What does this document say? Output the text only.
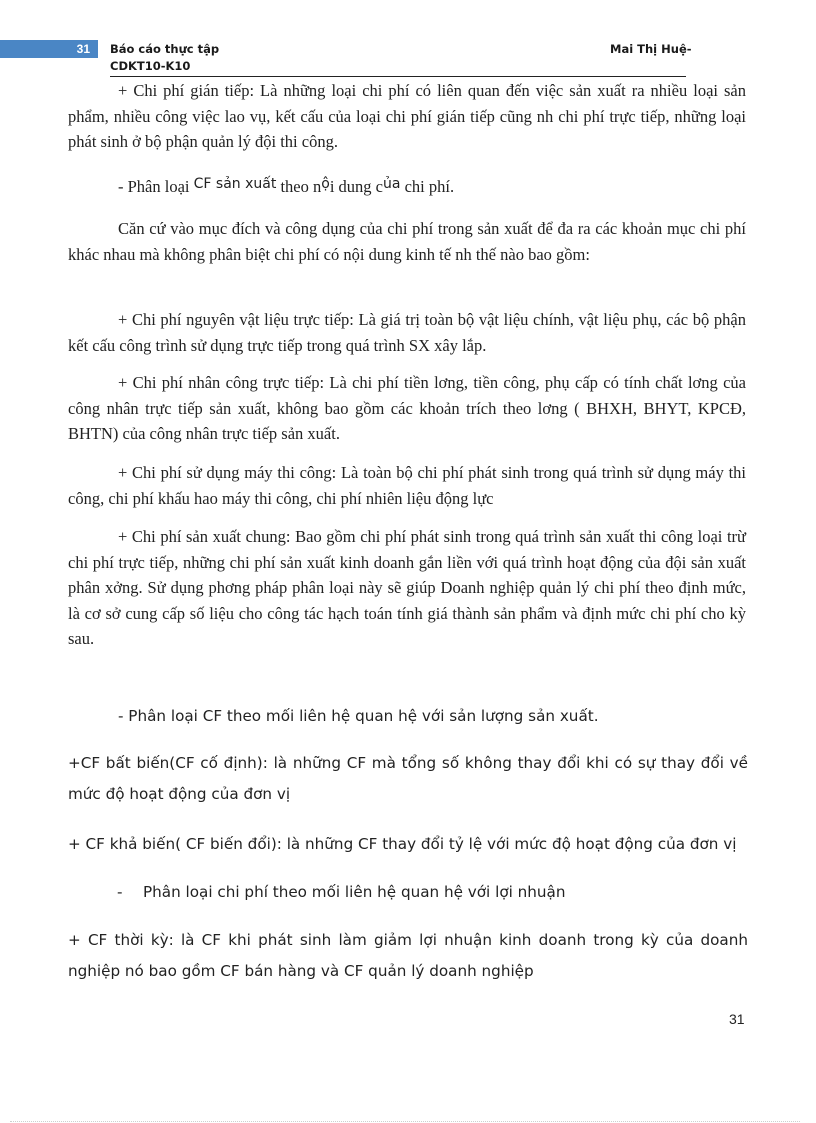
31 Báo cáo thực tập
CDKT10-K10
Mai Thị Huệ-

+ Chi phí gián tiếp: Là những loại chi phí có liên quan đến việc sản xuất ra nhiều loại sản phẩm, nhiều công việc lao vụ, kết cấu của loại chi phí gián tiếp cũng nh chi phí trực tiếp, những loại phát sinh ở bộ phận quản lý đội thi công.

- Phân loại $^{CF sản xuất}$ theo $n^ội$ dung $c^{ủa}$ chi phí.

Căn cứ vào mục đích và công dụng của chi phí trong sản xuất để đa ra các khoản mục chi phí khác nhau mà không phân biệt chi phí có nội dung kinh tế nh thế nào bao gồm:

+ Chi phí nguyên vật liệu trực tiếp: Là giá trị toàn bộ vật liệu chính, vật liệu phụ, các bộ phận kết cấu công trình sử dụng trực tiếp trong quá trình SX xây lắp.

+ Chi phí nhân công trực tiếp: Là chi phí tiền lơng, tiền công, phụ cấp có tính chất lơng của công nhân trực tiếp sản xuất, không bao gồm các khoản trích theo lơng ( BHXH, BHYT, KPCĐ, BHTN) của công nhân trực tiếp sản xuất.

+ Chi phí sử dụng máy thi công: Là toàn bộ chi phí phát sinh trong quá trình sử dụng máy thi công, chi phí khấu hao máy thi công, chi phí nhiên liệu động lực

+ Chi phí sản xuất chung: Bao gồm chi phí phát sinh trong quá trình sản xuất thi công loại trừ chi phí trực tiếp, những chi phí sản xuất kinh doanh gắn liền với quá trình hoạt động của đội sản xuất phân xởng. Sử dụng phơng pháp phân loại này sẽ giúp Doanh nghiệp quản lý chi phí theo định mức, là cơ sở cung cấp số liệu cho công tác hạch toán tính giá thành sản phẩm và định mức chi phí cho kỳ sau.

- Phân loại CF theo mối liên hệ quan hệ với sản lượng sản xuất.

+CF bất biến(CF cố định): là những CF mà tổng số không thay đổi khi có sự thay đổi về mức độ hoạt động của đơn vị

+ CF khả biến( CF biến đổi): là những CF thay đổi tỷ lệ với mức độ hoạt động của đơn vị

- Phân loại chi phí theo mối liên hệ quan hệ với lợi nhuận

+ CF thời kỳ: là CF khi phát sinh làm giảm lợi nhuận kinh doanh trong kỳ của doanh nghiệp nó bao gồm CF bán hàng và CF quản lý doanh nghiệp

31
